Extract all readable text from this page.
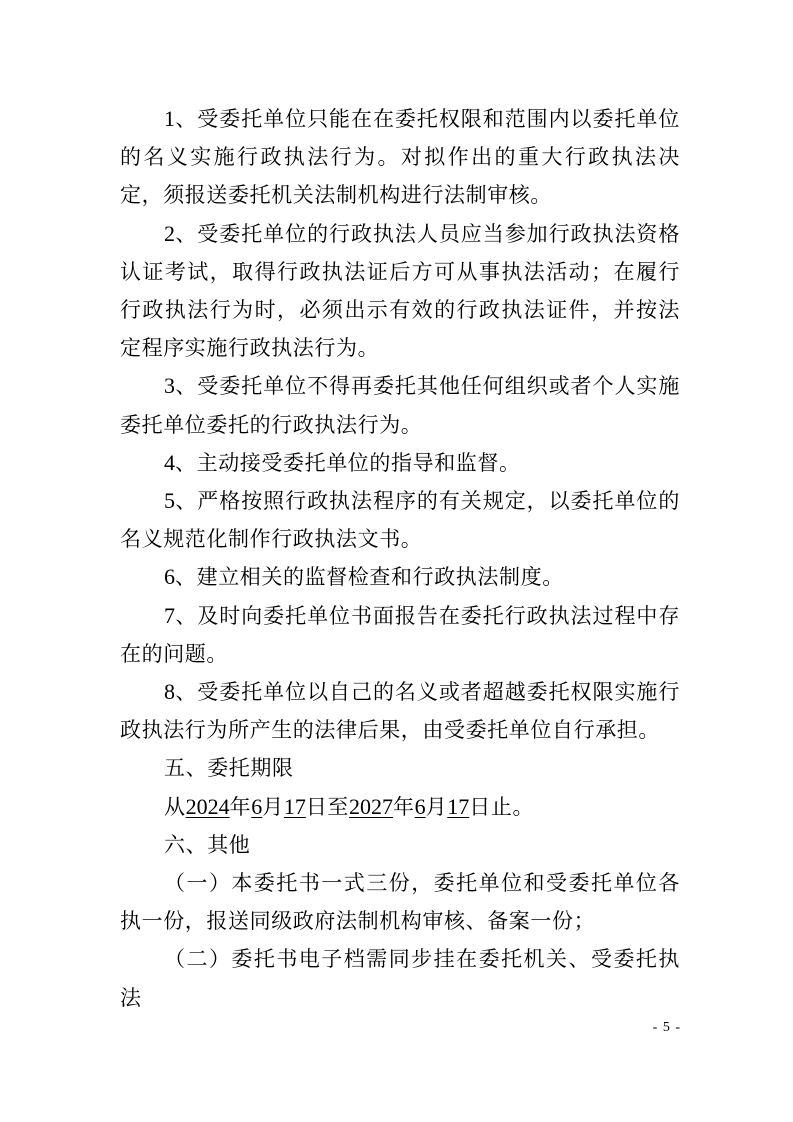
1、受委托单位只能在在委托权限和范围内以委托单位的名义实施行政执法行为。对拟作出的重大行政执法决定，须报送委托机关法制机构进行法制审核。

2、受委托单位的行政执法人员应当参加行政执法资格认证考试，取得行政执法证后方可从事执法活动；在履行行政执法行为时，必须出示有效的行政执法证件，并按法定程序实施行政执法行为。

3、受委托单位不得再委托其他任何组织或者个人实施委托单位委托的行政执法行为。

4、主动接受委托单位的指导和监督。

5、严格按照行政执法程序的有关规定，以委托单位的名义规范化制作行政执法文书。

6、建立相关的监督检查和行政执法制度。

7、及时向委托单位书面报告在委托行政执法过程中存在的问题。

8、受委托单位以自己的名义或者超越委托权限实施行政执法行为所产生的法律后果，由受委托单位自行承担。

五、委托期限

从2024年6月17日至2027年6月17日止。

六、其他

（一）本委托书一式三份，委托单位和受委托单位各执一份，报送同级政府法制机构审核、备案一份；

（二）委托书电子档需同步挂在委托机关、受委托执法

- 5 -
